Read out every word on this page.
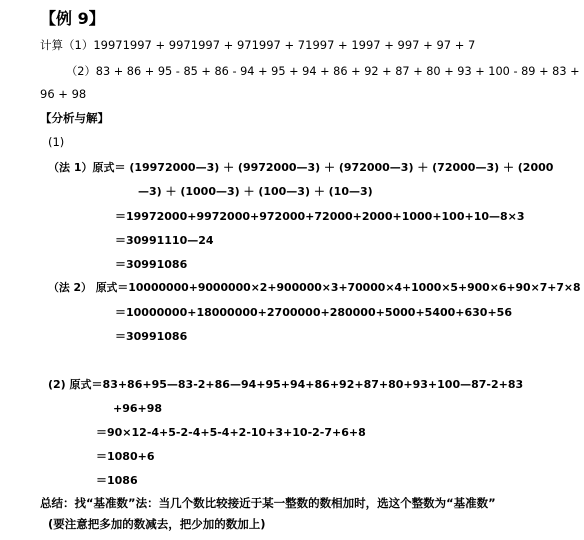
【例 9】
计算（1）19971997 + 9971997 + 971997 + 71997 + 1997 + 997 + 97 + 7
（2）83 + 86 + 95 - 85 + 86 - 94 + 95 + 94 + 86 + 92 + 87 + 80 + 93 + 100 - 89 + 83 +
96 + 98
【分析与解】
(1)
（法 1）原式＝ (19972000—3) ＋ (9972000—3) ＋ (972000—3) ＋ (72000—3) ＋ (2000
—3) ＋ (1000—3) ＋ (100—3) ＋ (10—3)
＝19972000+9972000+972000+72000+2000+1000+100+10—8×3
＝30991110—24
＝30991086
（法 2） 原式＝10000000+9000000×2+900000×3+70000×4+1000×5+900×6+90×7+7×8
＝10000000+18000000+2700000+280000+5000+5400+630+56
＝30991086
(2) 原式＝83+86+95—83-2+86—94+95+94+86+92+87+80+93+100—87-2+83
+96+98
＝90×12-4+5-2-4+5-4+2-10+3+10-2-7+6+8
＝1080+6
＝1086
总结：找“基准数”法：当几个数比较接近于某一整数的数相加时，选这个整数为“基准数”
(要注意把多加的数减去，把少加的数加上)
